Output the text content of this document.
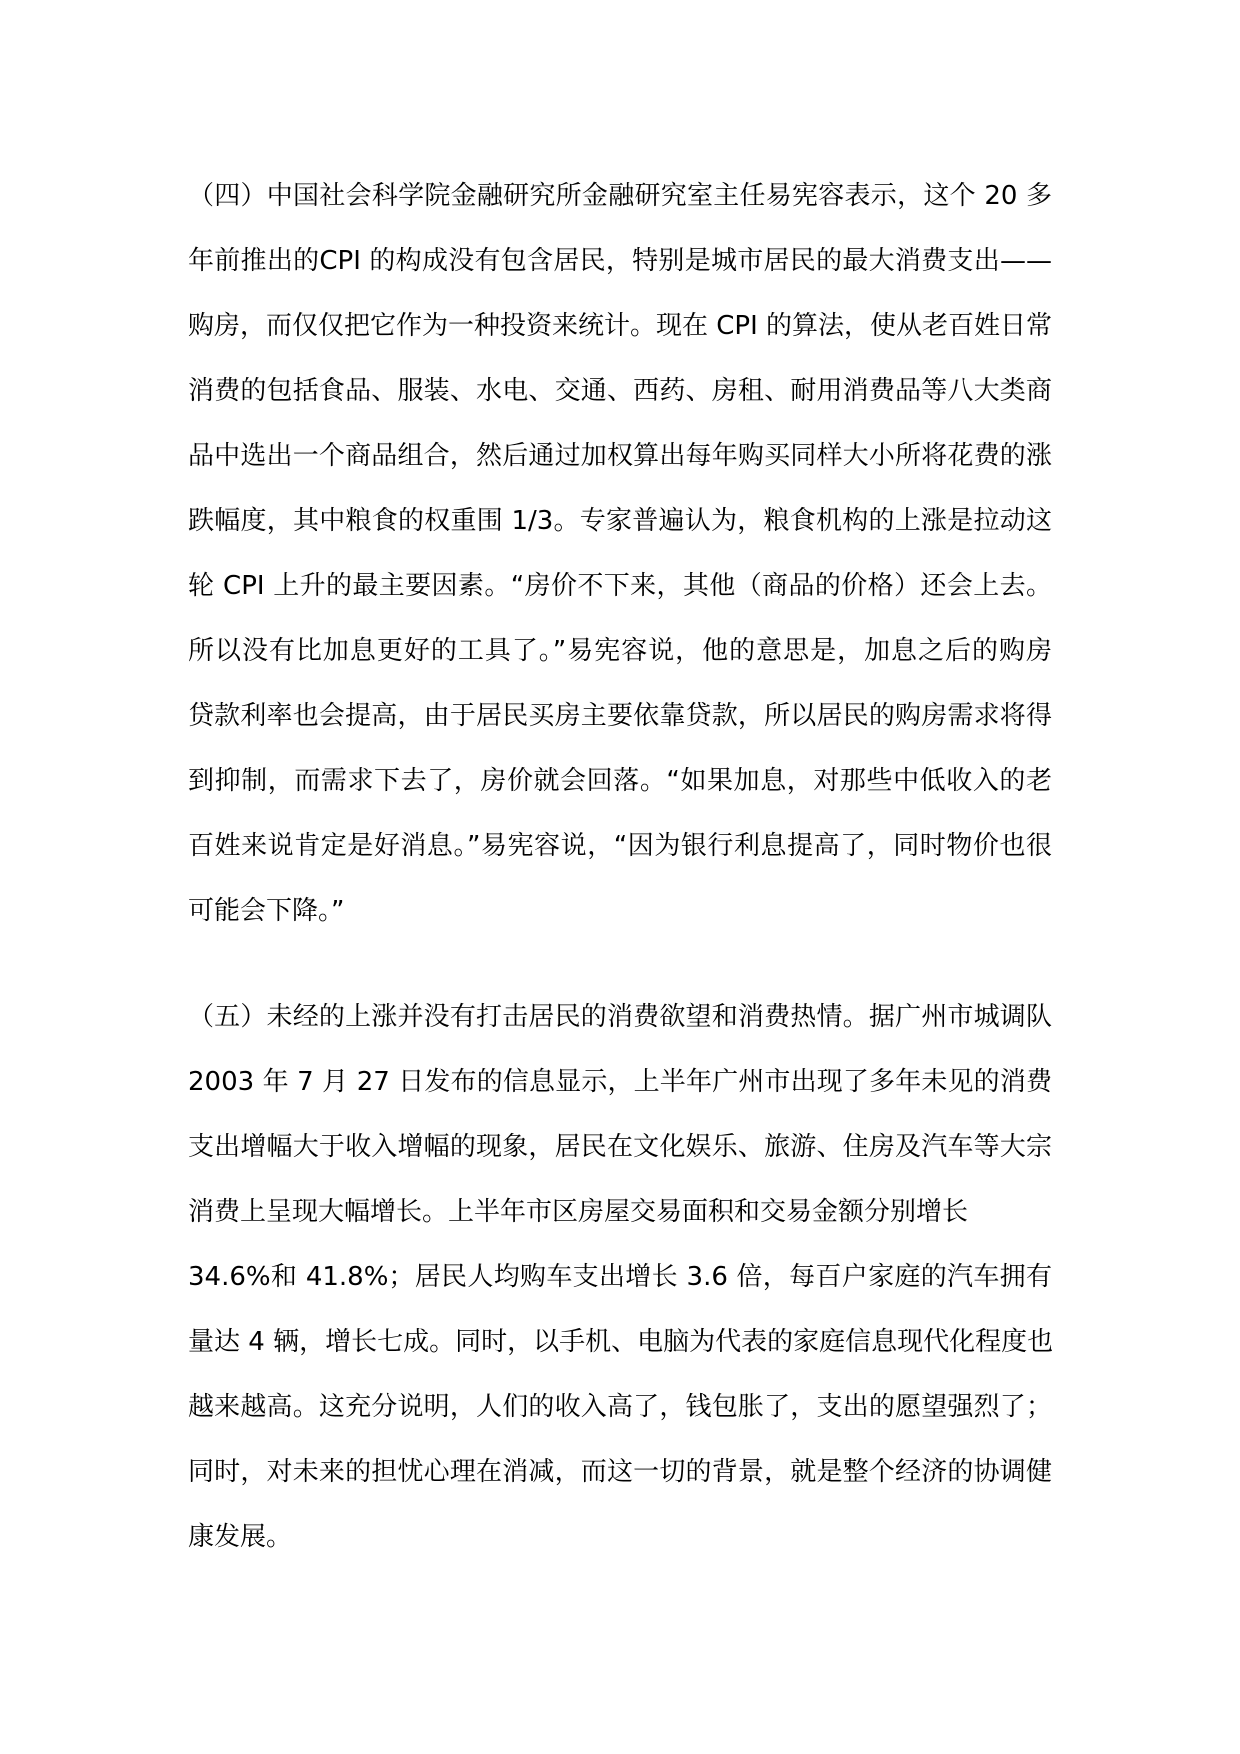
（四）中国社会科学院金融研究所金融研究室主任易宪容表示，这个 20 多
年前推出的CPI 的构成没有包含居民，特别是城市居民的最大消费支出——
购房，而仅仅把它作为一种投资来统计。现在 CPI 的算法，使从老百姓日常
消费的包括食品、服装、水电、交通、西药、房租、耐用消费品等八大类商
品中选出一个商品组合，然后通过加权算出每年购买同样大小所将花费的涨
跌幅度，其中粮食的权重围 1/3。专家普遍认为，粮食机构的上涨是拉动这
轮 CPI 上升的最主要因素。“房价不下来，其他（商品的价格）还会上去。
所以没有比加息更好的工具了。”易宪容说，他的意思是，加息之后的购房
贷款利率也会提高，由于居民买房主要依靠贷款，所以居民的购房需求将得
到抑制，而需求下去了，房价就会回落。“如果加息，对那些中低收入的老
百姓来说肯定是好消息。”易宪容说，“因为银行利息提高了，同时物价也很
可能会下降。”
（五）未经的上涨并没有打击居民的消费欲望和消费热情。据广州市城调队
2003 年 7 月 27 日发布的信息显示，上半年广州市出现了多年未见的消费
支出增幅大于收入增幅的现象，居民在文化娱乐、旅游、住房及汽车等大宗
消费上呈现大幅增长。上半年市区房屋交易面积和交易金额分别增长
34.6%和 41.8%；居民人均购车支出增长 3.6 倍，每百户家庭的汽车拥有
量达 4 辆，增长七成。同时，以手机、电脑为代表的家庭信息现代化程度也
越来越高。这充分说明，人们的收入高了，钱包胀了，支出的愿望强烈了；
同时，对未来的担忧心理在消减，而这一切的背景，就是整个经济的协调健
康发展。
